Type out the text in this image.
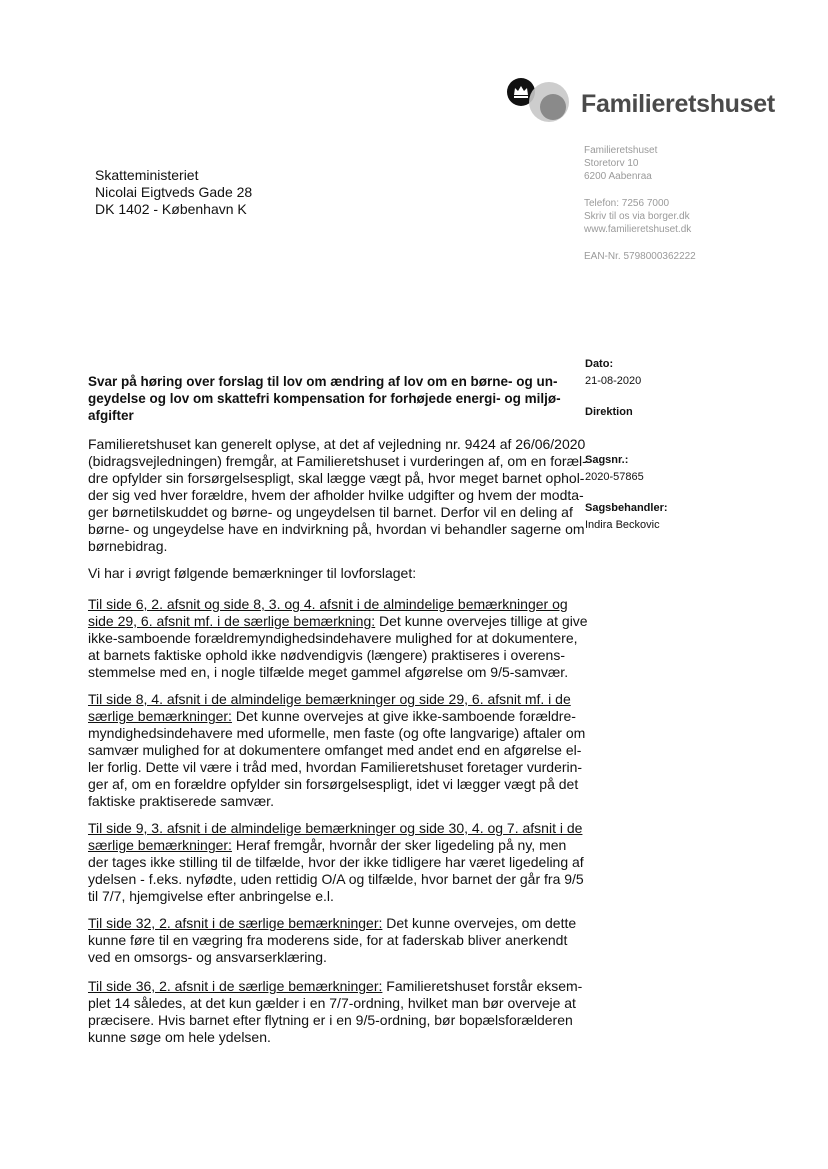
Familieretshuset
Familieretshuset
Storetorv 10
6200 Aabenraa
Telefon: 7256 7000
Skriv til os via borger.dk
www.familieretshuset.dk
EAN-Nr. 5798000362222
Skatteministeriet
Nicolai Eigtveds Gade 28
DK 1402 - København K
Dato:
21-08-2020
Direktion
Sagsnr.:
2020-57865
Sagsbehandler:
Indira Beckovic
Svar på høring over forslag til lov om ændring af lov om en børne- og un-
geydelse og lov om skattefri kompensation for forhøjede energi- og miljø-
afgifter
Familieretshuset kan generelt oplyse, at det af vejledning nr. 9424 af 26/06/2020
(bidragsvejledningen) fremgår, at Familieretshuset i vurderingen af, om en foræl-
dre opfylder sin forsørgelsespligt, skal lægge vægt på, hvor meget barnet ophol-
der sig ved hver forældre, hvem der afholder hvilke udgifter og hvem der modta-
ger børnetilskuddet og børne- og ungeydelsen til barnet. Derfor vil en deling af
børne- og ungeydelse have en indvirkning på, hvordan vi behandler sagerne om
børnebidrag.
Vi har i øvrigt følgende bemærkninger til lovforslaget:
Til side 6, 2. afsnit og side 8, 3. og 4. afsnit i de almindelige bemærkninger og
side 29, 6. afsnit mf. i de særlige bemærkning: Det kunne overvejes tillige at give
ikke-samboende forældremyndighedsindehavere mulighed for at dokumentere,
at barnets faktiske ophold ikke nødvendigvis (længere) praktiseres i overens-
stemmelse med en, i nogle tilfælde meget gammel afgørelse om 9/5-samvær.
Til side 8, 4. afsnit i de almindelige bemærkninger og side 29, 6. afsnit mf. i de
særlige bemærkninger: Det kunne overvejes at give ikke-samboende forældre-
myndighedsindehavere med uformelle, men faste (og ofte langvarige) aftaler om
samvær mulighed for at dokumentere omfanget med andet end en afgørelse el-
ler forlig. Dette vil være i tråd med, hvordan Familieretshuset foretager vurderin-
ger af, om en forældre opfylder sin forsørgelsespligt, idet vi lægger vægt på det
faktiske praktiserede samvær.
Til side 9, 3. afsnit i de almindelige bemærkninger og side 30, 4. og 7. afsnit i de
særlige bemærkninger: Heraf fremgår, hvornår der sker ligedeling på ny, men
der tages ikke stilling til de tilfælde, hvor der ikke tidligere har været ligedeling af
ydelsen - f.eks. nyfødte, uden rettidig O/A og tilfælde, hvor barnet der går fra 9/5
til 7/7, hjemgivelse efter anbringelse e.l.
Til side 32, 2. afsnit i de særlige bemærkninger: Det kunne overvejes, om dette
kunne føre til en vægring fra moderens side, for at faderskab bliver anerkendt
ved en omsorgs- og ansvarserklæring.
Til side 36, 2. afsnit i de særlige bemærkninger: Familieretshuset forstår eksem-
plet 14 således, at det kun gælder i en 7/7-ordning, hvilket man bør overveje at
præcisere. Hvis barnet efter flytning er i en 9/5-ordning, bør bopælsforælderen
kunne søge om hele ydelsen.
